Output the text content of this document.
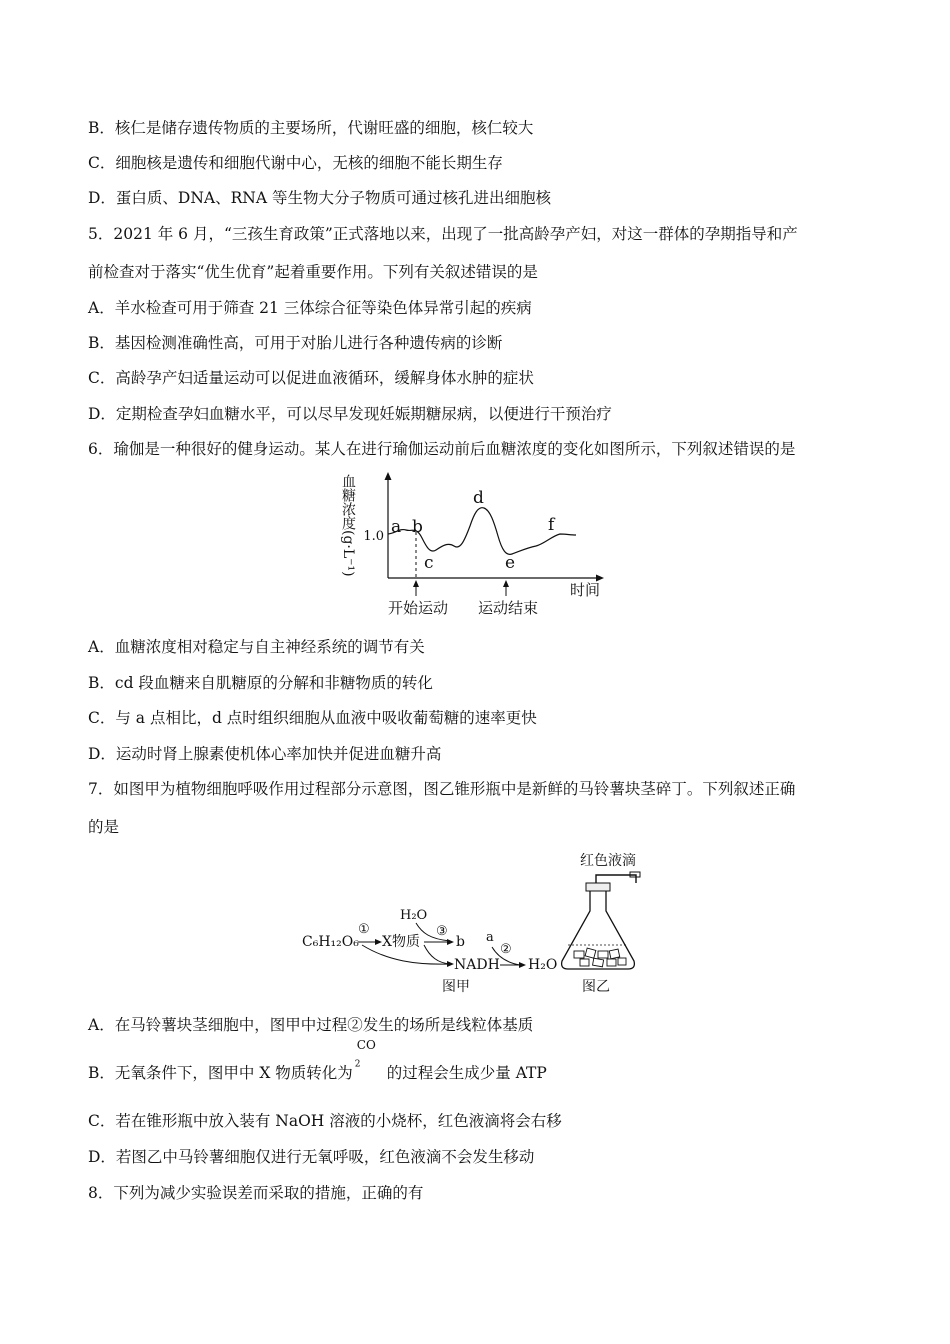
B．核仁是储存遗传物质的主要场所，代谢旺盛的细胞，核仁较大
C．细胞核是遗传和细胞代谢中心，无核的细胞不能长期生存
D．蛋白质、DNA、RNA 等生物大分子物质可通过核孔进出细胞核
5．2021 年 6 月，“三孩生育政策”正式落地以来，出现了一批高龄孕产妇，对这一群体的孕期指导和产
前检查对于落实“优生优育”起着重要作用。下列有关叙述错误的是
A．羊水检查可用于筛查 21 三体综合征等染色体异常引起的疾病
B．基因检测准确性高，可用于对胎儿进行各种遗传病的诊断
C．高龄孕产妇适量运动可以促进血液循环，缓解身体水肿的症状
D．定期检查孕妇血糖水平，可以尽早发现妊娠期糖尿病，以便进行干预治疗
6．瑜伽是一种很好的健身运动。某人在进行瑜伽运动前后血糖浓度的变化如图所示，下列叙述错误的是
血糖浓度(g·L⁻¹) 1.0 a b
c
d
e
f
时间
开始运动 运动结束
A．血糖浓度相对稳定与自主神经系统的调节有关
B．cd 段血糖来自肌糖原的分解和非糖物质的转化
C．与 a 点相比，d 点时组织细胞从血液中吸收葡萄糖的速率更快
D．运动时肾上腺素使机体心率加快并促进血糖升高
7．如图甲为植物细胞呼吸作用过程部分示意图，图乙锥形瓶中是新鲜的马铃薯块茎碎丁。下列叙述正确
的是
C₆H₁₂O₆
①
X物质
H₂O
③
b
NADH
a
②
H₂O
图甲
红色液滴
图乙
A．在马铃薯块茎细胞中，图甲中过程②发生的场所是线粒体基质
B．无氧条件下，图甲中 X 物质转化为
CO
$_2$ 的过程会生成少量 ATP
C．若在锥形瓶中放入装有 NaOH 溶液的小烧杯，红色液滴将会右移
D．若图乙中马铃薯细胞仅进行无氧呼吸，红色液滴不会发生移动
8．下列为减少实验误差而采取的措施，正确的有
